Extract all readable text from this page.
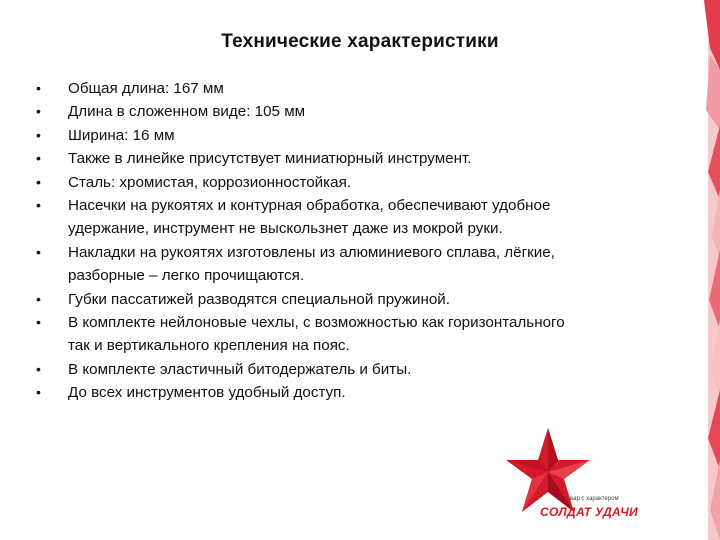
Технические характеристики
•	Общая длина: 167 мм
•	Длина в сложенном виде: 105 мм
•	Ширина: 16 мм
•	Также в линейке присутствует миниатюрный инструмент.
•	Сталь: хромистая, коррозионностойкая.
•	Насечки на рукоятях и контурная обработка, обеспечивают удобное
удержание, инструмент не выскользнет даже из мокрой руки.
•	Накладки на рукоятях изготовлены из алюминиевого сплава, лёгкие,
разборные – легко прочищаются.
•	Губки пассатижей разводятся специальной пружиной.
•	В комплекте нейлоновые чехлы, с возможностью как горизонтального
так и вертикального крепления на пояс.
•	В комплекте эластичный битодержатель и биты.
•	До всех инструментов удобный доступ.
товар с характером
СОЛДАТ УДАЧИ
